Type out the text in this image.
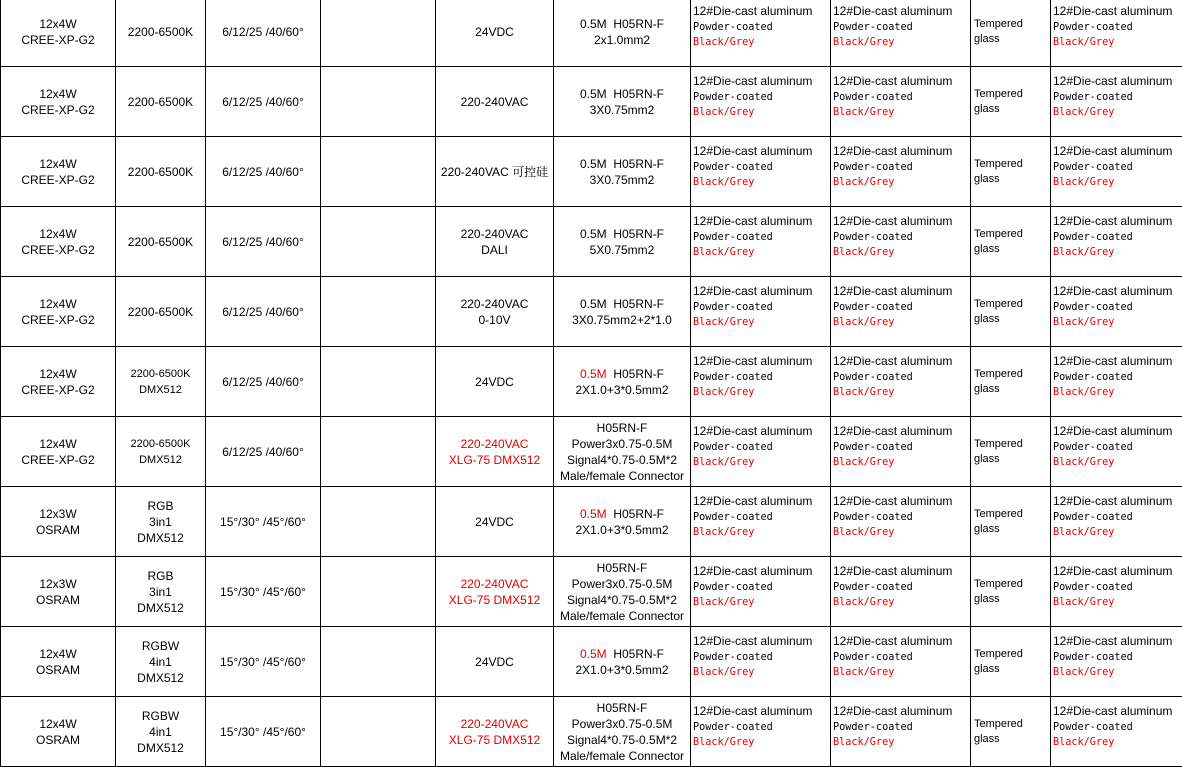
12x4W
CREE-XP-G2	2200-6500K	6/12/25 /40/60°		24VDC	0.5M  H05RN-F
2x1.0mm2	12#Die-cast aluminum
Powder-coated
Black/Grey	12#Die-cast aluminum
Powder-coated
Black/Grey	Tempered
glass	12#Die-cast aluminum
Powder-coated
Black/Grey

12x4W
CREE-XP-G2	2200-6500K	6/12/25 /40/60°		220-240VAC	0.5M  H05RN-F
3X0.75mm2	12#Die-cast aluminum
Powder-coated
Black/Grey	12#Die-cast aluminum
Powder-coated
Black/Grey	Tempered
glass	12#Die-cast aluminum
Powder-coated
Black/Grey

12x4W
CREE-XP-G2	2200-6500K	6/12/25 /40/60°		220-240VAC 可控硅	0.5M  H05RN-F
3X0.75mm2	12#Die-cast aluminum
Powder-coated
Black/Grey	12#Die-cast aluminum
Powder-coated
Black/Grey	Tempered
glass	12#Die-cast aluminum
Powder-coated
Black/Grey

12x4W
CREE-XP-G2	2200-6500K	6/12/25 /40/60°		220-240VAC
DALI	0.5M  H05RN-F
5X0.75mm2	12#Die-cast aluminum
Powder-coated
Black/Grey	12#Die-cast aluminum
Powder-coated
Black/Grey	Tempered
glass	12#Die-cast aluminum
Powder-coated
Black/Grey

12x4W
CREE-XP-G2	2200-6500K	6/12/25 /40/60°		220-240VAC
0-10V	0.5M  H05RN-F
3X0.75mm2+2*1.0	12#Die-cast aluminum
Powder-coated
Black/Grey	12#Die-cast aluminum
Powder-coated
Black/Grey	Tempered
glass	12#Die-cast aluminum
Powder-coated
Black/Grey

12x4W
CREE-XP-G2	2200-6500K
DMX512	6/12/25 /40/60°		24VDC	0.5M  H05RN-F
2X1.0+3*0.5mm2	12#Die-cast aluminum
Powder-coated
Black/Grey	12#Die-cast aluminum
Powder-coated
Black/Grey	Tempered
glass	12#Die-cast aluminum
Powder-coated
Black/Grey

12x4W
CREE-XP-G2	2200-6500K
DMX512	6/12/25 /40/60°		220-240VAC
XLG-75 DMX512	H05RN-F
Power3x0.75-0.5M
Signal4*0.75-0.5M*2
Male/female Connector	12#Die-cast aluminum
Powder-coated
Black/Grey	12#Die-cast aluminum
Powder-coated
Black/Grey	Tempered
glass	12#Die-cast aluminum
Powder-coated
Black/Grey

12x3W
OSRAM	RGB
3in1
DMX512	15°/30° /45°/60°		24VDC	0.5M  H05RN-F
2X1.0+3*0.5mm2	12#Die-cast aluminum
Powder-coated
Black/Grey	12#Die-cast aluminum
Powder-coated
Black/Grey	Tempered
glass	12#Die-cast aluminum
Powder-coated
Black/Grey

12x3W
OSRAM	RGB
3in1
DMX512	15°/30° /45°/60°		220-240VAC
XLG-75 DMX512	H05RN-F
Power3x0.75-0.5M
Signal4*0.75-0.5M*2
Male/female Connector	12#Die-cast aluminum
Powder-coated
Black/Grey	12#Die-cast aluminum
Powder-coated
Black/Grey	Tempered
glass	12#Die-cast aluminum
Powder-coated
Black/Grey

12x4W
OSRAM	RGBW
4in1
DMX512	15°/30° /45°/60°		24VDC	0.5M  H05RN-F
2X1.0+3*0.5mm2	12#Die-cast aluminum
Powder-coated
Black/Grey	12#Die-cast aluminum
Powder-coated
Black/Grey	Tempered
glass	12#Die-cast aluminum
Powder-coated
Black/Grey

12x4W
OSRAM	RGBW
4in1
DMX512	15°/30° /45°/60°		220-240VAC
XLG-75 DMX512	H05RN-F
Power3x0.75-0.5M
Signal4*0.75-0.5M*2
Male/female Connector	12#Die-cast aluminum
Powder-coated
Black/Grey	12#Die-cast aluminum
Powder-coated
Black/Grey	Tempered
glass	12#Die-cast aluminum
Powder-coated
Black/Grey
